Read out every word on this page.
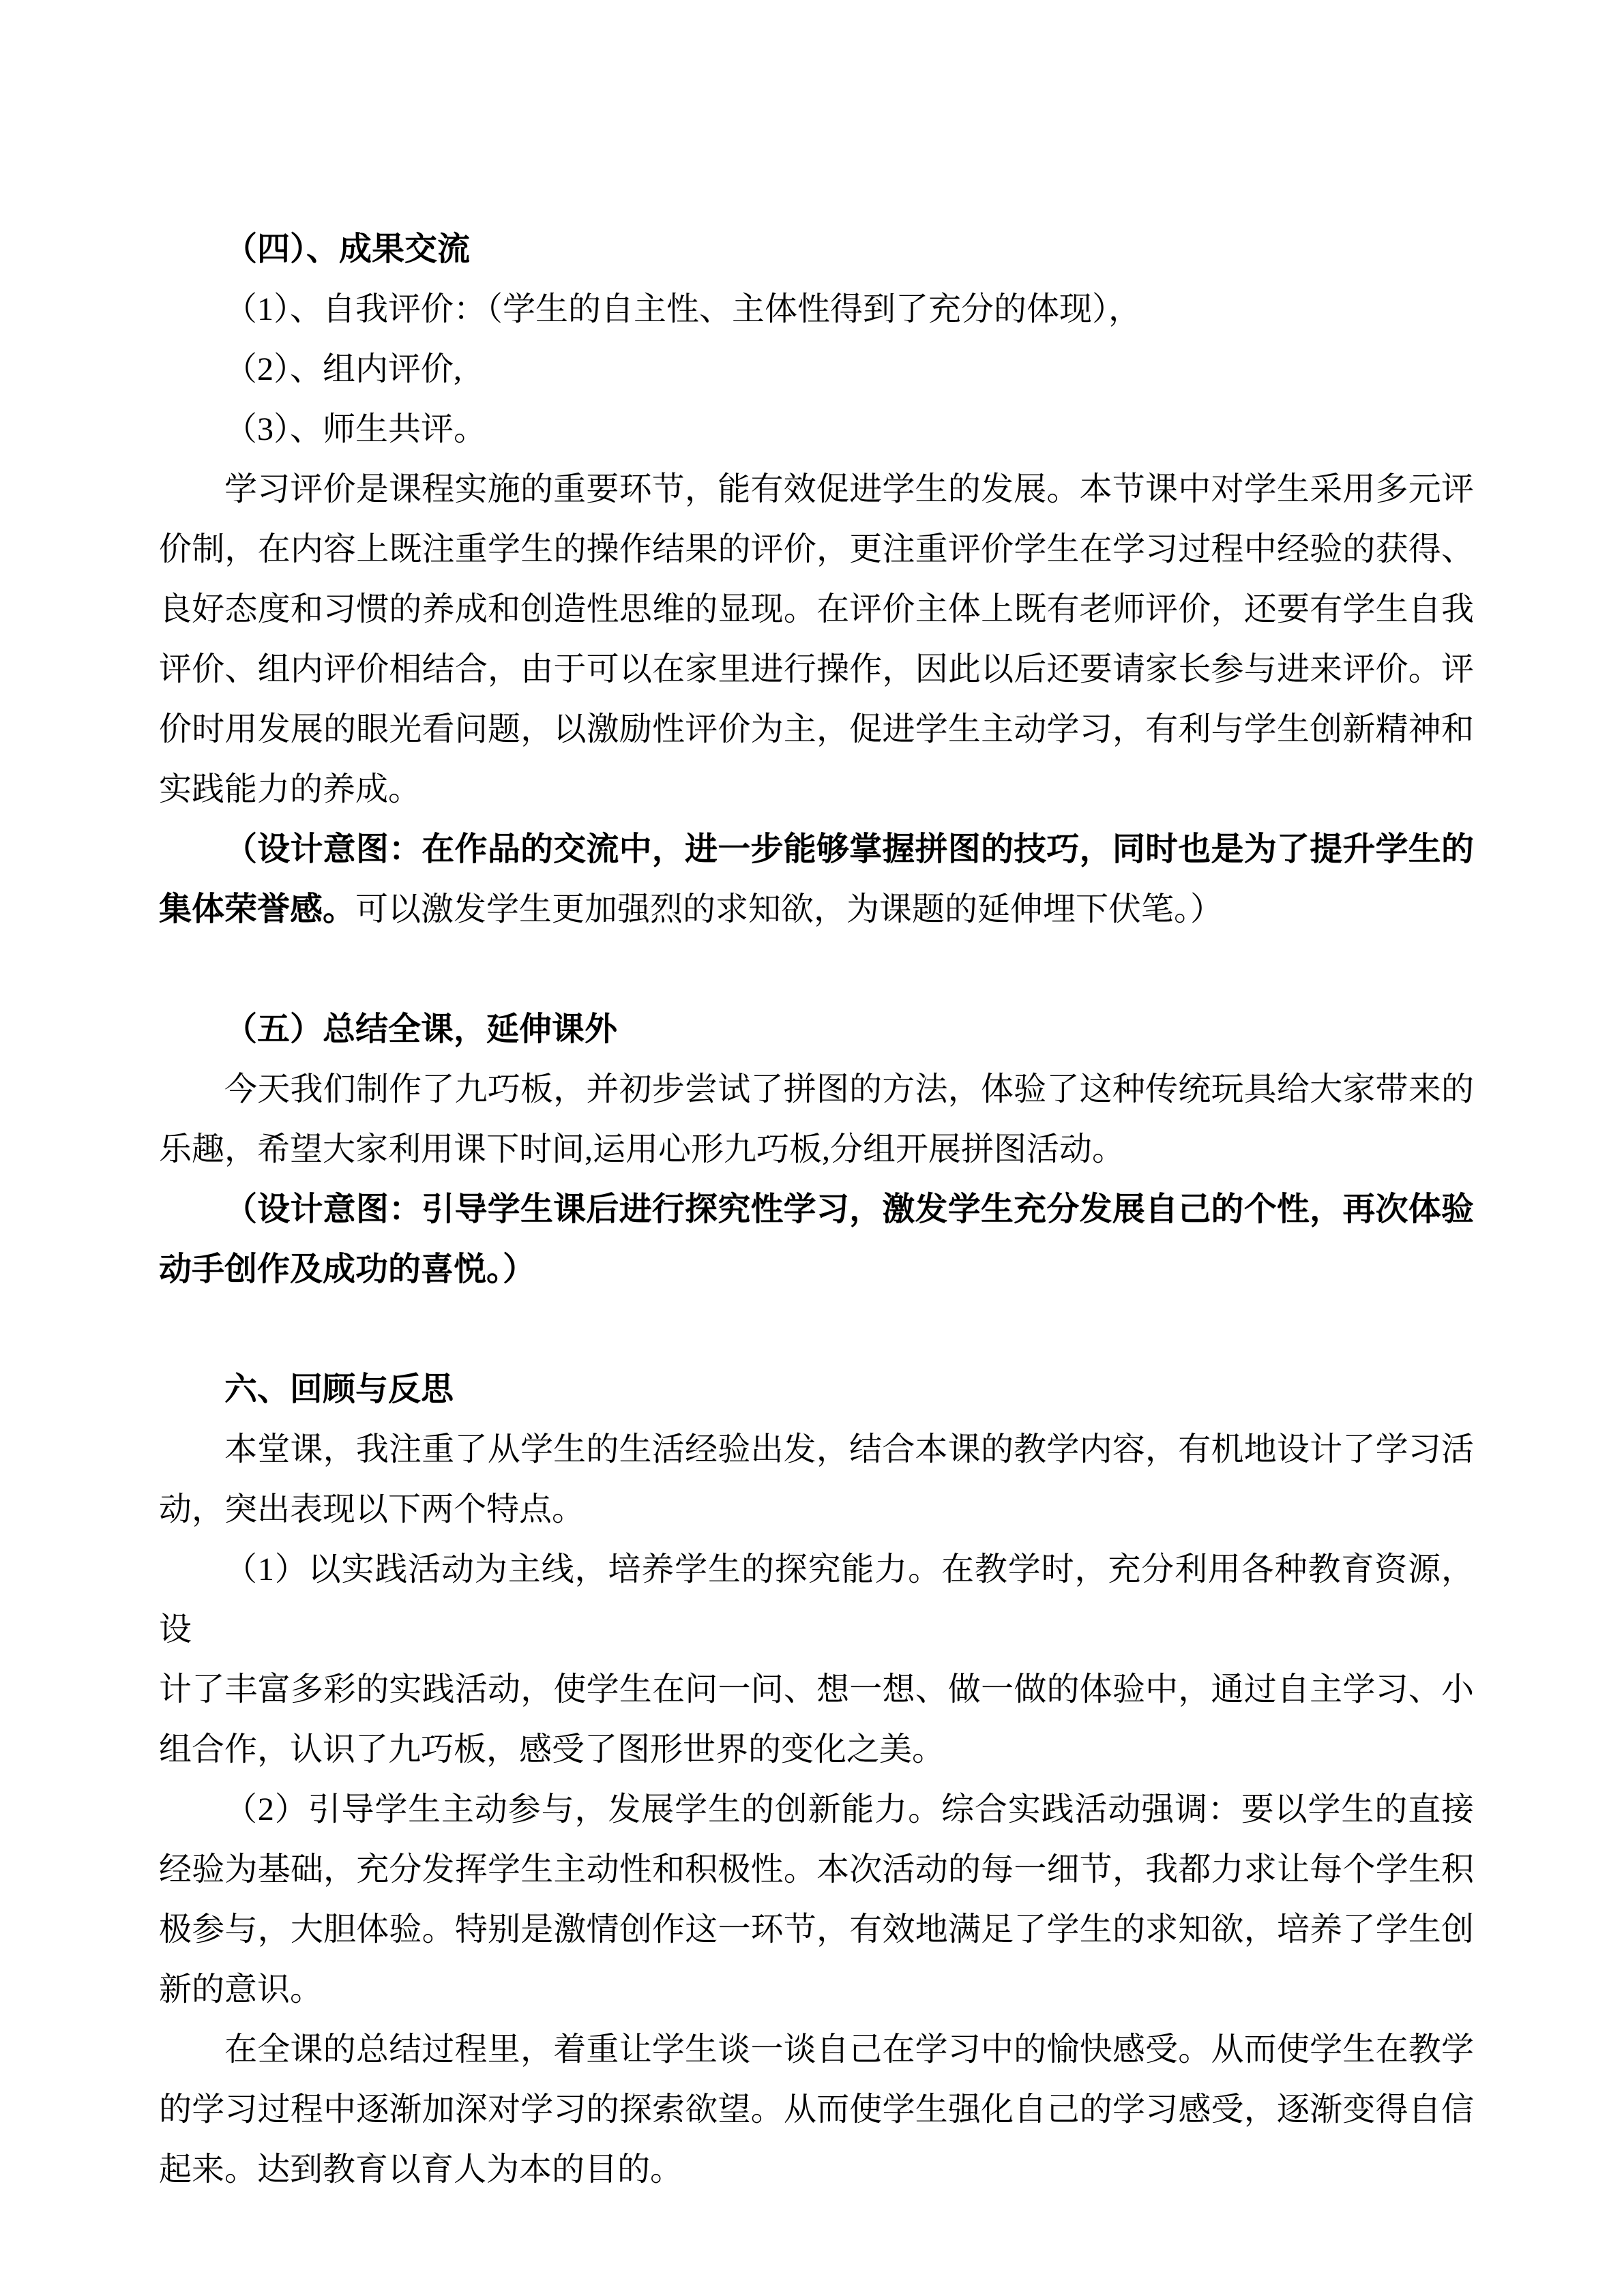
（四）、成果交流
（1）、自我评价：（学生的自主性、主体性得到了充分的体现），
（2）、组内评价,
（3）、师生共评。
学习评价是课程实施的重要环节，能有效促进学生的发展。本节课中对学生采用多元评
价制，在内容上既注重学生的操作结果的评价，更注重评价学生在学习过程中经验的获得、
良好态度和习惯的养成和创造性思维的显现。在评价主体上既有老师评价，还要有学生自我
评价、组内评价相结合，由于可以在家里进行操作，因此以后还要请家长参与进来评价。评
价时用发展的眼光看问题，以激励性评价为主，促进学生主动学习，有利与学生创新精神和
实践能力的养成。
（设计意图：在作品的交流中，进一步能够掌握拼图的技巧，同时也是为了提升学生的
集体荣誉感。可以激发学生更加强烈的求知欲，为课题的延伸埋下伏笔。）
（五）总结全课，延伸课外
今天我们制作了九巧板，并初步尝试了拼图的方法，体验了这种传统玩具给大家带来的
乐趣，希望大家利用课下时间,运用心形九巧板,分组开展拼图活动。
（设计意图：引导学生课后进行探究性学习，激发学生充分发展自己的个性，再次体验
动手创作及成功的喜悦。）
六、回顾与反思
本堂课，我注重了从学生的生活经验出发，结合本课的教学内容，有机地设计了学习活
动，突出表现以下两个特点。
（1）以实践活动为主线，培养学生的探究能力。在教学时，充分利用各种教育资源，设
计了丰富多彩的实践活动，使学生在问一问、想一想、做一做的体验中，通过自主学习、小
组合作，认识了九巧板，感受了图形世界的变化之美。
（2）引导学生主动参与，发展学生的创新能力。综合实践活动强调：要以学生的直接
经验为基础，充分发挥学生主动性和积极性。本次活动的每一细节，我都力求让每个学生积
极参与，大胆体验。特别是激情创作这一环节，有效地满足了学生的求知欲，培养了学生创
新的意识。
在全课的总结过程里，着重让学生谈一谈自己在学习中的愉快感受。从而使学生在教学
的学习过程中逐渐加深对学习的探索欲望。从而使学生强化自己的学习感受，逐渐变得自信
起来。达到教育以育人为本的目的。
